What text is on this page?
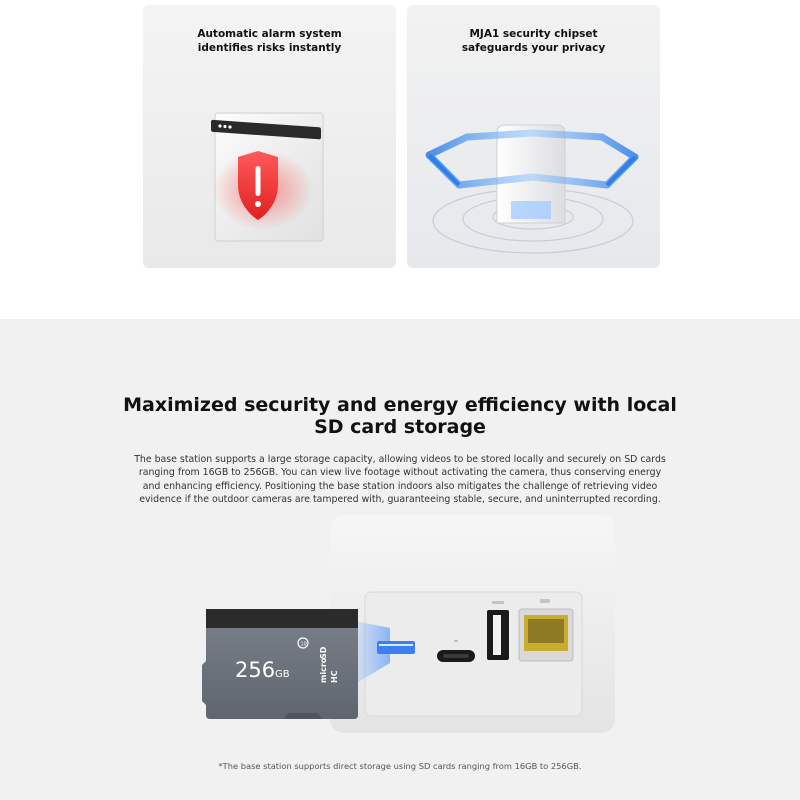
Automatic alarm system
identifies risks instantly
MJA1 security chipset
safeguards your privacy
Maximized security and energy efficiency with local
SD card storage
The base station supports a large storage capacity, allowing videos to be stored locally and securely on SD cards
ranging from 16GB to 256GB. You can view live footage without activating the camera, thus conserving energy
and enhancing efficiency. Positioning the base station indoors also mitigates the challenge of retrieving video
evidence if the outdoor cameras are tampered with, guaranteeing stable, secure, and uninterrupted recording.
256 GB
10
micro
SD
HC
*The base station supports direct storage using SD cards ranging from 16GB to 256GB.
